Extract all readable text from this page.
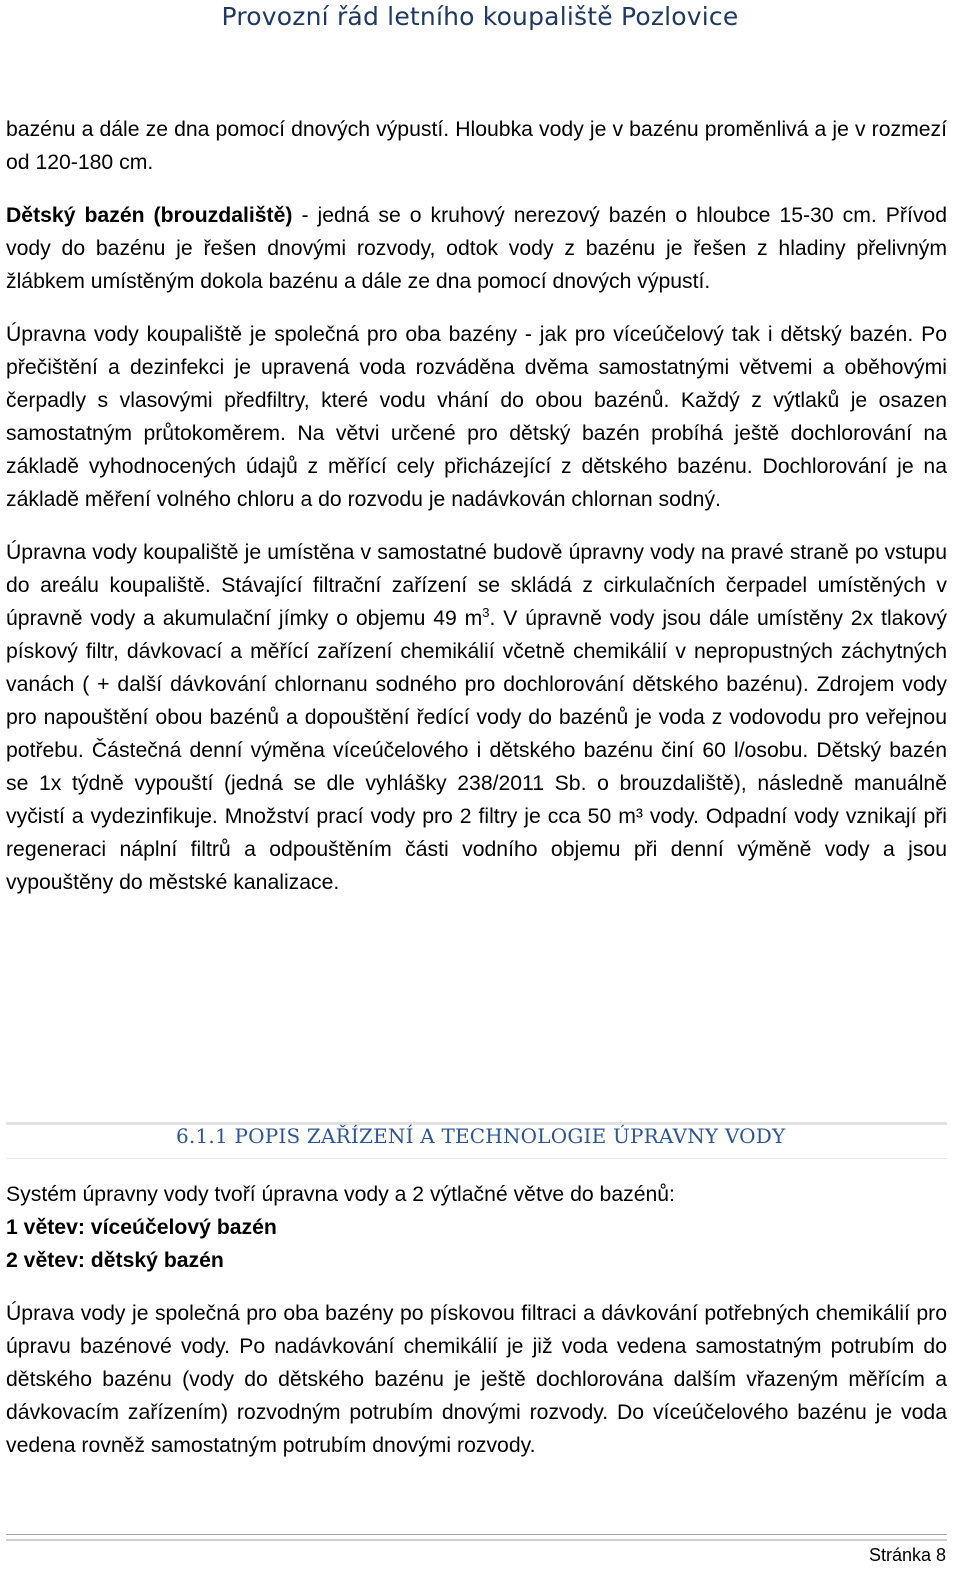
Provozní řád letního koupaliště Pozlovice

bazénu a dále ze dna pomocí dnových výpustí. Hloubka vody je v bazénu proměnlivá a je v rozmezí od 120-180 cm.

Dětský bazén (brouzdaliště) - jedná se o kruhový nerezový bazén o hloubce 15-30 cm. Přívod vody do bazénu je řešen dnovými rozvody, odtok vody z bazénu je řešen z hladiny přelivným žlábkem umístěným dokola bazénu a dále ze dna pomocí dnových výpustí.

Úpravna vody koupaliště je společná pro oba bazény - jak pro víceúčelový tak i dětský bazén. Po přečištění a dezinfekci je upravená voda rozváděna dvěma samostatnými větvemi a oběhovými čerpadly s vlasovými předfiltry, které vodu vhání do obou bazénů. Každý z výtlaků je osazen samostatným průtokoměrem. Na větvi určené pro dětský bazén probíhá ještě dochlorování na základě vyhodnocených údajů z měřící cely přicházející z dětského bazénu. Dochlorování je na základě měření volného chloru a do rozvodu je nadávkován chlornan sodný.

Úpravna vody koupaliště je umístěna v samostatné budově úpravny vody na pravé straně po vstupu do areálu koupaliště. Stávající filtrační zařízení se skládá z cirkulačních čerpadel umístěných v úpravně vody a akumulační jímky o objemu 49 $m^3$. V úpravně vody jsou dále umístěny 2x tlakový pískový filtr, dávkovací a měřící zařízení chemikálií včetně chemikálií v nepropustných záchytných vanách ( + další dávkování chlornanu sodného pro dochlorování dětského bazénu). Zdrojem vody pro napouštění obou bazénů a dopouštění ředící vody do bazénů je voda z vodovodu pro veřejnou potřebu. Částečná denní výměna víceúčelového i dětského bazénu činí 60 l/osobu. Dětský bazén se 1x týdně vypouští (jedná se dle vyhlášky 238/2011 Sb. o brouzdaliště), následně manuálně vyčistí a vydezinfikuje. Množství prací vody pro 2 filtry je cca 50 m³ vody. Odpadní vody vznikají při regeneraci náplní filtrů a odpouštěním části vodního objemu při denní výměně vody a jsou vypouštěny do městské kanalizace.

6.1.1 POPIS ZAŘÍZENÍ A TECHNOLOGIE ÚPRAVNY VODY

Systém úpravny vody tvoří úpravna vody a 2 výtlačné větve do bazénů:

1 větev: víceúčelový bazén

2 větev: dětský bazén

Úprava vody je společná pro oba bazény po pískovou filtraci a dávkování potřebných chemikálií pro úpravu bazénové vody. Po nadávkování chemikálií je již voda vedena samostatným potrubím do dětského bazénu (vody do dětského bazénu je ještě dochlorována dalším vřazeným měřícím a dávkovacím zařízením) rozvodným potrubím dnovými rozvody. Do víceúčelového bazénu je voda vedena rovněž samostatným potrubím dnovými rozvody.

Stránka 8
